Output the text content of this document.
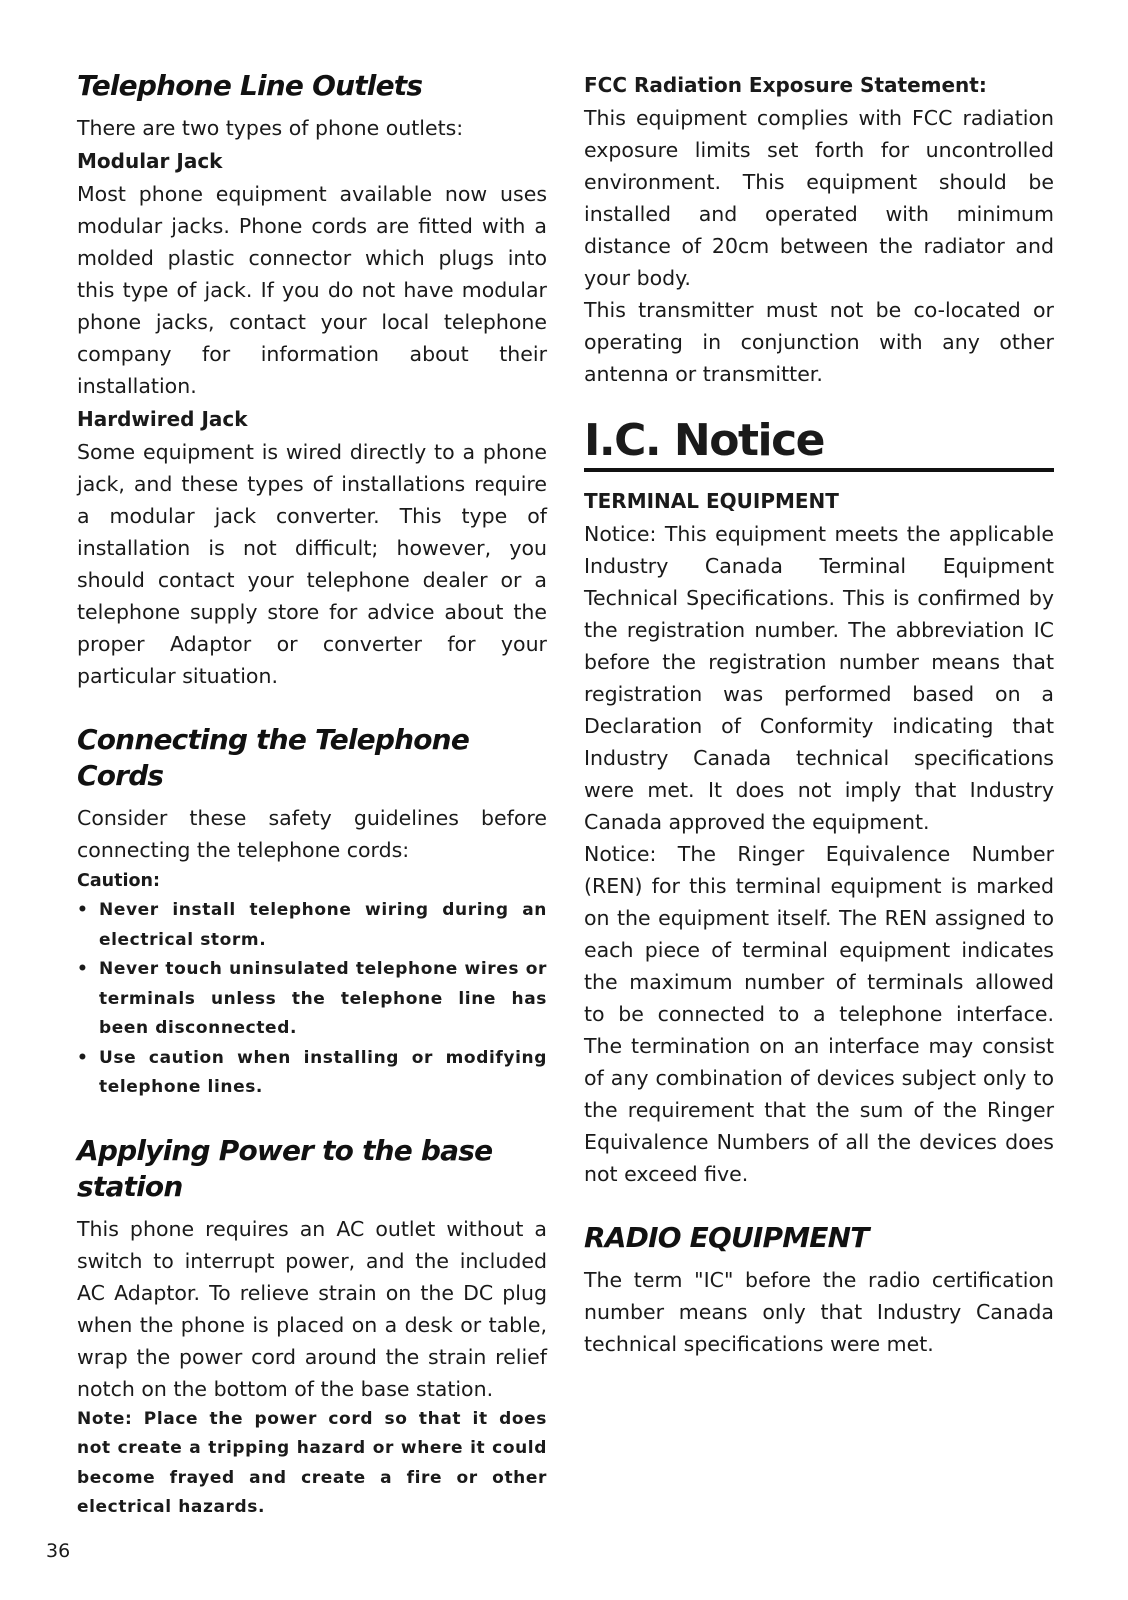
Telephone Line Outlets

There are two types of phone outlets:

Modular Jack

Most phone equipment available now uses modular jacks. Phone cords are fitted with a molded plastic connector which plugs into this type of jack. If you do not have modular phone jacks, contact your local telephone company for information about their installation.

Hardwired Jack

Some equipment is wired directly to a phone jack, and these types of installations require a modular jack converter. This type of installation is not difficult; however, you should contact your telephone dealer or a telephone supply store for advice about the proper Adaptor or converter for your particular situation.

Connecting the Telephone Cords

Consider these safety guidelines before connecting the telephone cords:

Caution:
• Never install telephone wiring during an electrical storm.
• Never touch uninsulated telephone wires or terminals unless the telephone line has been disconnected.
• Use caution when installing or modifying telephone lines.
Applying Power to the base station

This phone requires an AC outlet without a switch to interrupt power, and the included AC Adaptor. To relieve strain on the DC plug when the phone is placed on a desk or table, wrap the power cord around the strain relief notch on the bottom of the base station.

Note: Place the power cord so that it does not create a tripping hazard or where it could become frayed and create a fire or other electrical hazards.

FCC Radiation Exposure Statement:

This equipment complies with FCC radiation exposure limits set forth for uncontrolled environment. This equipment should be installed and operated with minimum distance of 20cm between the radiator and your body.

This transmitter must not be co-located or operating in conjunction with any other antenna or transmitter.

I.C. Notice
TERMINAL EQUIPMENT

Notice: This equipment meets the applicable Industry Canada Terminal Equipment Technical Specifications. This is confirmed by the registration number. The abbreviation IC before the registration number means that registration was performed based on a Declaration of Conformity indicating that Industry Canada technical specifications were met. It does not imply that Industry Canada approved the equipment.

Notice: The Ringer Equivalence Number (REN) for this terminal equipment is marked on the equipment itself. The REN assigned to each piece of terminal equipment indicates the maximum number of terminals allowed to be connected to a telephone interface. The termination on an interface may consist of any combination of devices subject only to the requirement that the sum of the Ringer Equivalence Numbers of all the devices does not exceed five.

RADIO EQUIPMENT

The term "IC" before the radio certification number means only that Industry Canada technical specifications were met.

36
